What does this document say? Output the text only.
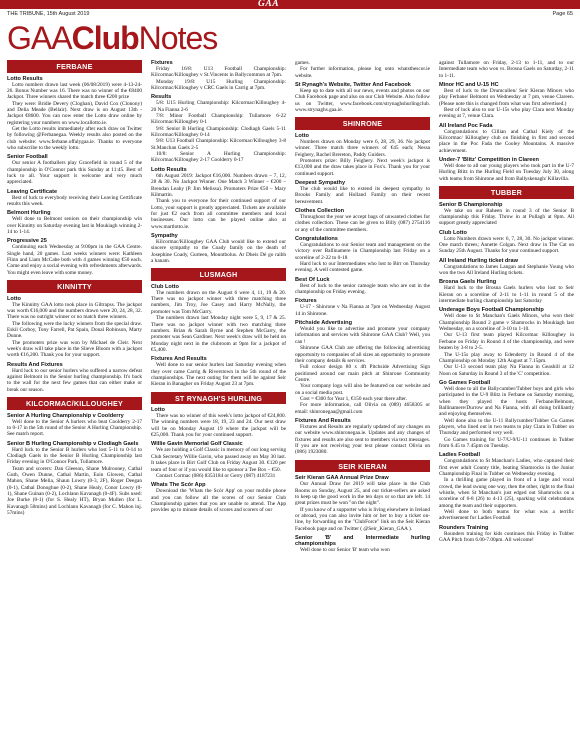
GAA
THE TRIBUNE, 15th August 2019	Page 65
GAAClubNotes
FERBANE
Lotto Results
Lotto numbers drawn last week (06/08/2019) were 4-13-24-26. Bonus Number was 16. There was no winner of the €8400 Jackpot. Three winners shared the match three €200 prize
They were: Bridie Devery (Cloghan), David Cox (Clonony) and Delia Meade (Bellair). Next draw is on August 13th - Jackpot €8600. You can now enter the Lotto draw online by registering your numbers on www.locallotto.ie.
Get the Lotto results immediately after each draw on Twitter by following @Ferbanegaa. Weekly results also posted on the club website: www.ferbane.offalygaa.ie. Thanks to everyone who subscribe to the weekly lotto.
Senior Football
Our senior A footballers play Gracefield in round 5 of the championship in O'Connor park this Sunday at 11:45. Best of luck to all. Your support is welcome and very much appreciated.
Leaving Certificate
Best of luck to everybody receiving their Leaving Certificate results this week.
Belmont Hurling
Well done to Belmont seniors on their championship win over Kinnitty on Saturday evening last in Moukiagh winning 2-14 to 1-14.
Progressive 25
Continuing each Wednesday at 9:00pm in the GAA Centre. Single hand, 20 games. Last weeks winners were: Kathleen Flinn and Liam McCabe both with 4 games winning €50 each. Come and enjoy a social evening with refreshments afterwards. You might even leave with some money.
KINNITTY
Lotto
The Kinnitty GAA lotto took place in Giltrapss. The jackpot was worth €16,000 and the numbers drawn were 20, 24, 28, 32. There was no outright winner or no match three winners.
The following were the lucky winners from the special draw. Eskil Corboy, Tony Farrell, Pat Spain, Donal Robinson, Marty Dunne.
The promoters prize was won by Michael de Cleir. Next week's draw will take place in the Slieve Bloom with a jackpot worth €16,200. Thank you for your support.
Results And Fixtures
Hard luck to our senior hurlers who suffered a narrow defeat against Belmont in the Senior hurling championship. It's back to the wall for the next few games that can either make or break our season.
KILCORMAC/KILLOUGHEY
Senior A Hurling Championship v Coolderry
Well done to the Senior A hurlers who beat Coolderry 2-17 to 0-17 in the 5th round of the Senior A Hurling Championship. See match report.
Senior B Hurling Championship v Clodiagh Gaels
Hard luck to the Senior B hurlers who lost 5-11 to 0-14 to Clodiagh Gaels in the Senior B Hurling Championship last Friday evening in O'Connor Park, Tullamore.
Team and scorers: Dan Gleeson, Shane Mulrooney, Cathal Guth, Owen Dunne, Cathal Martin, Eoin Glowen, Cathal Mahon, Shane Melia, Shaun Lowry (0-3, 2F), Roger Deegan (0-1), Cathal Donoghue (0-2), Shane Healy, Conor Lowry (0-1), Shane Guinan (0-2), Lochlann Kavanagh (0-4F). Subs used: Joe Burke (0-1) (for S. Healy HT), Bryan Mullen (for L. Kavanagh 50mins) and Lochlann Kavanagh (for C. Mahon inj. 57mins)
Fixtures
Friday 16/8: U13 Football Championship: Kilcormac/Killoughey v St.Vincents in Ballycommon at 7pm.
Monday 19/8: U15 Hurling Championship: Kilcormac/Killoughey v CRC Gaels in Carrig at 7pm.
Results
5/8: U15 Hurling Championship: Kilcormac/Killoughey 4-20 Na Fianna 2-6
7/8: Minor Football Championship: Tullamore 6-22 Kilcormac/Killoughey 0-1
9/8: Senior B Hurling Championship: Clodiagh Gaels 5-11 Kilcormac/Killoughey 0-14
9/8: U13 Football Championship: Kilcormac/Killoughey 3-8 St.Manchan Gaels 2-5
10/8: Senior A Hurling Championship: Kilcormac/Killoughey 2-17 Coolderry 0-17
Lotto Results
6th August 2019: Jackpot €16,000. Numbers drawn – 7, 12, 28 & 30. No Jackpot Winner. One Match 3 Winner – €200 – Brendan Leahy (P. Jim Melissa). Promoters Prize €50 – Mary Kilmartin.
Thank you to everyone for their continued support of our Lotto, your support is greatly appreciated. Tickets are available for just €2 each from all committee members and local businesses. Our lotto can be played online also at www.martlotto.ie.
Sympathy
Kilcormac/Killoughey GAA Club would like to extend our sincere sympathy to the Coady family on the death of Josephine Coady, Gurteen, Mountbolus. Ar Dheis Dé go raibh a hanam.
LUSMAGH
Club Lotto
The numbers drawn on the August 6 were 4, 11, 19 & 20. There was no jackpot winner with three matching three numbers, Jim Troy, Joe Casey and Harry McNally, the promoter was Tom McGarry.
The numbers drawn last Monday night were 5, 9, 17 & 25. There was no jackpot winner with two matching three numbers. Brian & Sarah Byrne and Stephen McGarry, the promoter was Sean Gardiner. Next week's draw will be held on Monday night next in the clubroom at 9pm for a jackpot of €5,400.
Fixtures And Results
Well done to our senior hurlers last Saturday evening when they over came Carrig & Riverstown in the 5th round of the championships. The next outing for them will be against Seir Kieran in Banagher on Friday August 23 at 7pm.
ST RYNAGH'S HURLING
Lotto
There was no winner of this week's lotto jackpot of €24,800. The winning numbers were 18, 19, 23 and 24. Our next draw will be on Monday August 19 where the jackpot will be €25,000. Thank you for your continued support.
Willie Gavin Memorial Golf Classic
We are holding a Golf Classic in memory of our long serving Club Secretary Willie Gavin, who passed away on May 30 last. It takes place in Birr Golf Club on Friday August 30. €120 per team of four or if you would like to sponsor a Tee Box – €50.
Contact Cormac (086) 8353184 or Gerry (087) 4187231
Whats The Scór App
Download the 'Whats the Scór App' on your mobile phone and you can follow all the scores of our Senior Club Championship games that you are unable to attend. The App provides up to minute details of scores and scorers of our
games.
For further information, please log onto whatsthescor.ie website.
St Rynagh's Website, Twitter And Facebook
Keep up to date with all our news, events and photos on our Club Facebook page and also on our Club Website. Also follow us on Twitter, www.facebook.com/strynaghshurlingclub. www.strynaghs.gaa.ie.
SHINRONE
Lotto
Numbers drawn on Monday were 6, 28, 29, 36. No jackpot winner. Three match three winners of €45 each; Nessa Feighery, Rachel Brereton, Paddy Guiders.
Promoters prize: Billy Feighery. Next week's jackpot is €13,000 and the draw takes place in Fox's. Thank you for your continued support.
Deepest Sympathy
The club would like to extend its deepest sympathy to Brooks Family and Holland Family on their recent bereavement.
Clothes Collection
Throughout the year we accept bags of unwanted clothes for clothes collection. These can be given to Billy (087) 2754116 or any of the committee members.
Congratulations
Congratulations to our Senior team and management on the victory over Ballinamere in Championship last Friday on a scoreline of 2-22 to 0-18
Hard luck to our Intermediates who lost to Birr on Thursday evening. A well contested game.
Best Of Luck
Best of luck to the senior camogie team who are out in the championship on Friday evening.
Fixtures
U-17 - Shinrone v Na Fianna at 7pm on Wednesday August 14 in Shinrone.
Pitchside Advertising
Would you like to advertise and promote your company information and services with Shinrone GAA Club? Well, you can !
Shinrone GAA Club are offering the following advertising opportunity to companies of all sizes an opportunity to promote their company details & services.
Full colour design 80 x 4ft Pitchside Advertising Sign positioned around our main pitch at Shinrone Community Centre.
Your company logo will also be featured on our website and on a social media post.
Cost = €300 for Year 1, €150 each year there after.
For more information, call Olivia on (089) 4658305 or email: shinronegaa@gmail.com
Fixtures And Results
Fixtures and Results are regularly updated of any changes on our website www.shinronegaa.ie. Updates and any changes of fixtures and results are also sent to members via text messages. If you are not receiving your text please contact Olivia on (086) 1923080.
SEIR KIERAN
Seir Kieran GAA Annual Prize Draw
Our Annual Draw for 2019 will take place in the Club Rooms on Sunday, August 25, and our ticket-sellers are asked to keep up the good work in the ten days or so that are left. 14 great prizes must be won "on the night".
If you know of a supporter who is living elsewhere in Ireland or abroad, you can also invite him or her to buy a ticket on-line, by forwarding on the "ClubForce" link on the Seir Kieran Facebook page and on Twitter ( @Seir_Kieran_GAA ).
Senior 'B' and Intermediate hurling championships
Well done to our Senior 'B' team who won
against Tullamore on Friday, 2-13 to 1-11, and to our Intermediate team who won vs. Brosna Gaels on Saturday, 2-11 to 1-11.
Minor HC and U-15 HC
Best of luck to the Drumcullen/ Seir Kieran Minors who play Ferbane/ Belmont on Wednesday at 7 pm, venue Clareen. (Please note this is changed from what was first advertised.)
Best of luck also to our U-15s who play Clara next Monday evening at 7, venue Clara.
All Ireland Poc Fada
Congratulations to Cillian and Cathal Kiely of the Kilcormac/ Killoughey club on finishing in first and second place in the Poc Fada the Cooley Mountains. A massive achievement.
Under-7 'Blitz' Competition in Clareen
Well done to all our young players who took part in the U-7 Hurling Blitz in the Hurling Field on Tuesday July 30, along with teams from Shinrone and from Ballyskenagh/ Killavilla.
TUBBER
Senior B Championship
We take on our Raheen in round 3 of the Senior B championship this Friday. Throw in at Pullagh at 8pm. All support greatly appreciated
Club Lotto
Lotto Numbers drawn were: 6, 7, 28, 30. No jackpot winner. One match threes; Annette Colgan. Next draw in The Cat on Sunday 25th August. Thanks for your continued support.
All Ireland Hurling ticket draw
Congratulations to James Langan and Stephanie Young who won the two All Ireland Hurling tickets.
Brosna Gaels Hurling
Hard luck to the Brosna Gaels hurlers who lost to Seir Kieran on a scoreline of 2-11 to 1-11 in round 5 of the intermediate hurling championship last Saturday
Underage Boys Football Championship
Well done to St Manchan's Gaels Minors, who won their Championship Round 2 game v Shamrocks in Moukiagh last Wednesday, on a scoreline of 3-10 to 1-10.
Our U-13 first team played Kilcormac Killoughey in Ferbane on Friday in Round 4 of the championship, and were beaten by 3-8 to 2-5.
The U-15s play away to Edenderry in Round 4 of the Championship on Monday 12th August at 7.15pm.
Our U-13 second team play Na Fianna in Geashill at 12 Noon on Saturday in Round 3 of the 'C' competition.
Go Games Football
Well done to all the Ballycumber/Tubber boys and girls who participated in the U-9 Blitz in Ferbane on Saturday morning, when they played the hosts Ferbane/Belmont, Ballinamere/Durrow and Na Fianna, with all doing brilliantly and enjoying themselves.
Well done also to the U-11 Ballycumber/Tubber Go Games players, who lined out in two teams to play Clara in Tubber on Thursday and performed very well.
Go Games training for U-7/U-9/U-11 continues in Tubber from 6.45 to 7.45pm on Tuesday.
Ladies Football
Congratulations to St Manchan's Ladies, who captured their first ever adult County title, beating Shamrocks in the Junior Championship Final in Tubber on Wednesday evening.
In a thrilling game played in front of a large and vocal crowd, the lead swung one way, then the other, right to the final whistle, when St Manchan's just edged out Shamrocks on a scoreline of 6-8 (26) to 4-13 (25), sparking wild celebrations among the team and their supporters.
Well done to both teams for what was a terrific advertisement for Ladies Football
Rounders Training
Rounders training for kids continues this Friday in Tubber GAA Pitch from 6.00-7.00pm. All welcome!
